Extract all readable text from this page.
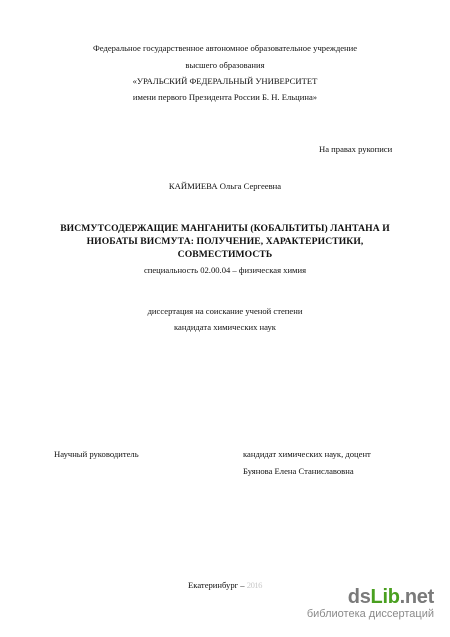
Федеральное государственное автономное образовательное учреждение
высшего образования
«УРАЛЬСКИЙ ФЕДЕРАЛЬНЫЙ УНИВЕРСИТЕТ
имени первого Президента России Б. Н. Ельцина»
На правах рукописи
КАЙМИЕВА Ольга Сергеевна
ВИСМУТСОДЕРЖАЩИЕ МАНГАНИТЫ (КОБАЛЬТИТЫ) ЛАНТАНА И
НИОБАТЫ ВИСМУТА: ПОЛУЧЕНИЕ, ХАРАКТЕРИСТИКИ,
СОВМЕСТИМОСТЬ
специальность 02.00.04 – физическая химия
диссертация на соискание ученой степени
кандидата химических наук
Научный руководитель	кандидат химических наук, доцент
Буянова Елена Станиславовна
Екатеринбург – 2016
dsLib.net
библиотека диссертаций
